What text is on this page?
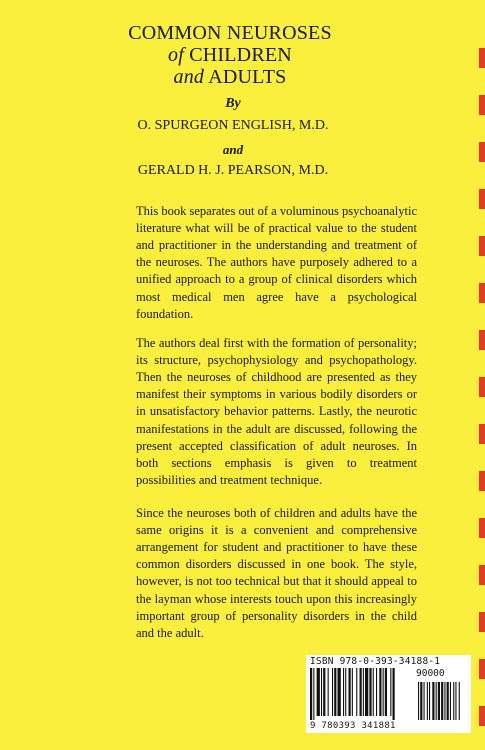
COMMON NEUROSES
of CHILDREN
and ADULTS
By
O. SPURGEON ENGLISH, M.D.
and
GERALD H. J. PEARSON, M.D.

This book separates out of a voluminous psychoanalytic literature what will be of practical value to the student and practitioner in the understanding and treatment of the neuroses. The authors have purposely adhered to a unified approach to a group of clinical disorders which most medical men agree have a psychological foundation.

The authors deal first with the formation of personality; its structure, psychophysiology and psychopathology. Then the neuroses of childhood are presented as they manifest their symptoms in various bodily disorders or in unsatisfactory behavior patterns. Lastly, the neurotic manifestations in the adult are discussed, following the present accepted classification of adult neuroses. In both sections emphasis is given to treatment possibilities and treatment technique.

Since the neuroses both of children and adults have the same origins it is a convenient and comprehensive arrangement for student and practitioner to have these common disorders discussed in one book. The style, however, is not too technical but that it should appeal to the layman whose interests touch upon this increasingly important group of personality disorders in the child and the adult.

ISBN 978-0-393-34188-1
90000
9 780393 341881
